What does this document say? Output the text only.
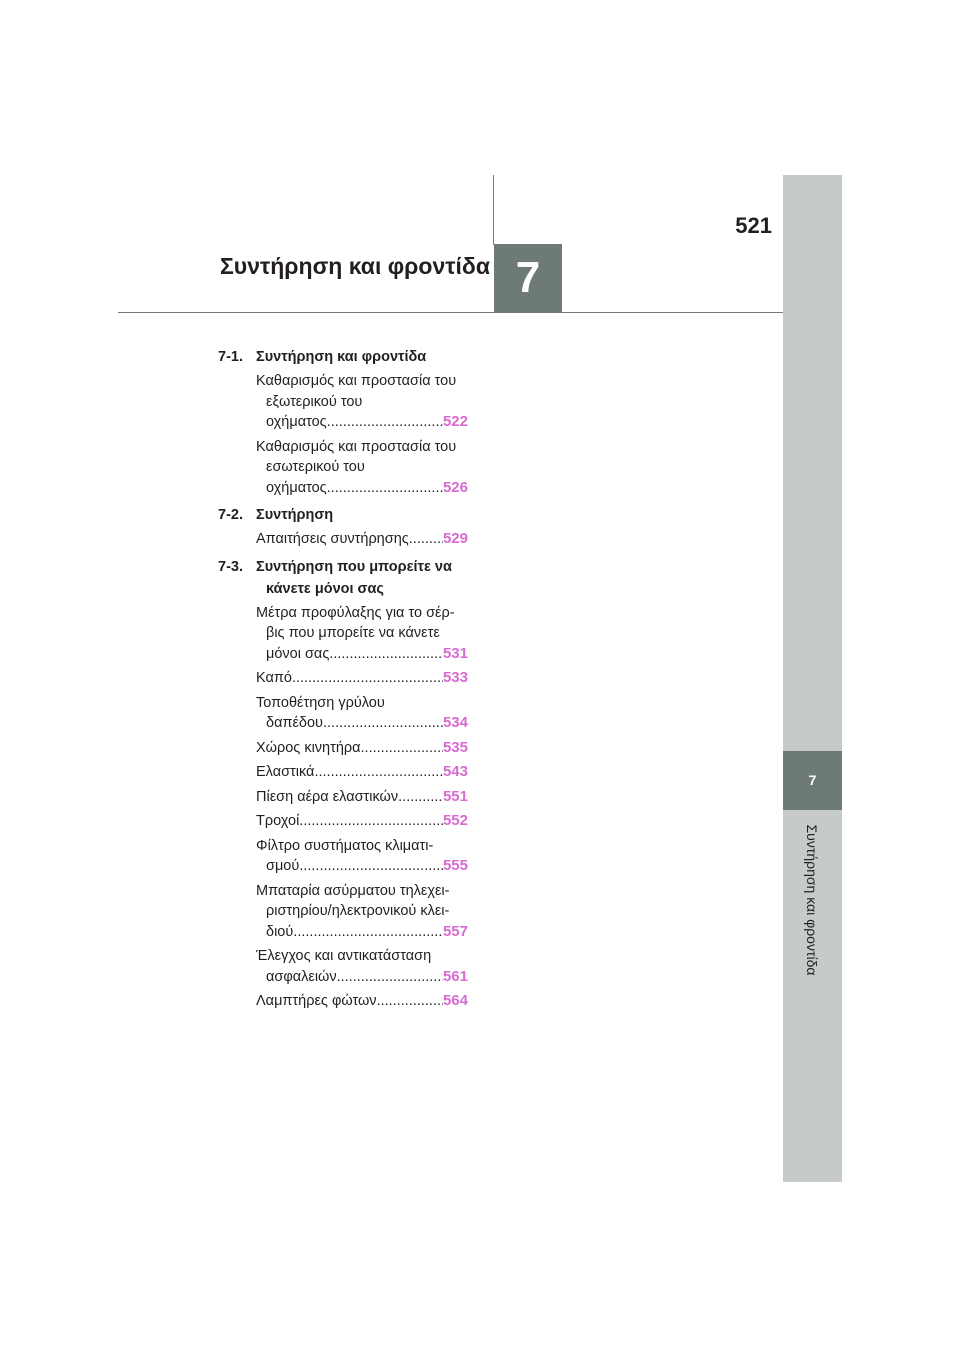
521
Συντήρηση και φροντίδα 7
7
Συντήρηση και φροντίδα
7-1. Συντήρηση και φροντίδα
Καθαρισμός και προστασία του
εξωτερικού του
οχήματος .....	522
Καθαρισμός και προστασία του
εσωτερικού του
οχήματος .....	526
7-2. Συντήρηση
Απαιτήσεις συντήρησης ..... 529
7-3. Συντήρηση που μπορείτε να
κάνετε μόνοι σας
Μέτρα προφύλαξης για το σέρ-
βις που μπορείτε να κάνετε
μόνοι σας .....	531
Καπό .....	533
Τοποθέτηση γρύλου
δαπέδου .....	534
Χώρος κινητήρα .....	535
Ελαστικά .....	543
Πίεση αέρα ελαστικών .....	551
Τροχοί .....	552
Φίλτρο συστήματος κλιματι-
σμού .....	555
Μπαταρία ασύρματου τηλεχει-
ριστηρίου/ηλεκτρονικού κλει-
διού .....	557
Έλεγχος και αντικατάσταση
ασφαλειών .....	561
Λαμπτήρες φώτων .....	564
